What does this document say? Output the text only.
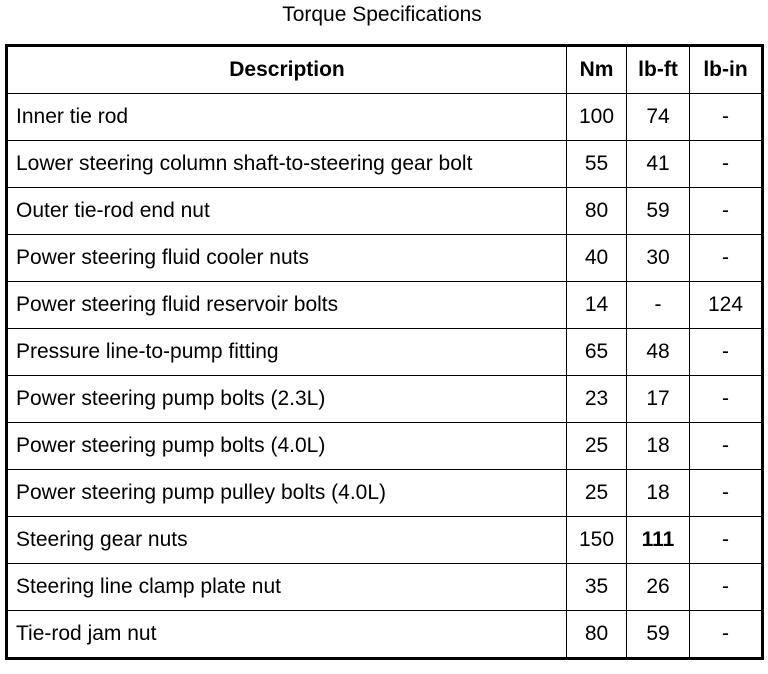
Torque Specifications
Description	Nm	lb-ft	lb-in
Inner tie rod	100	74	-
Lower steering column shaft-to-steering gear bolt	55	41	-
Outer tie-rod end nut	80	59	-
Power steering fluid cooler nuts	40	30	-
Power steering fluid reservoir bolts	14	-	124
Pressure line-to-pump fitting	65	48	-
Power steering pump bolts (2.3L)	23	17	-
Power steering pump bolts (4.0L)	25	18	-
Power steering pump pulley bolts (4.0L)	25	18	-
Steering gear nuts	150	111	-
Steering line clamp plate nut	35	26	-
Tie-rod jam nut	80	59	-
